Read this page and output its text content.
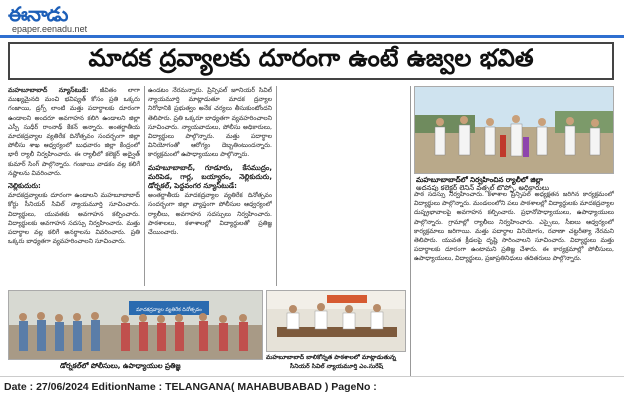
ఈనాడు
epaper.eenadu.net
మాదక ద్రవ్యాలకు దూరంగా ఉంటే ఉజ్వల భవిత
మహబూబాబాద్‌ న్యూస్‌టుడే: జీవితం లాగా ముఖ్యమైనది మంచి భవిష్యత్‌ కోసం ప్రతి ఒక్కరు గంజాయి, డ్రగ్స్‌ లాంటి మత్తు పదార్థాలకు దూరంగా ఉండాలని అందరూ అవగాహన కలిగి ఉండాలని జిల్లా ఎస్పీ సుధీర్‌ రాంనాథ్‌ కేకన్‌ అన్నారు. అంతర్జాతీయ మాదకద్రవ్యాల వ్యతిరేక దినోత్సవం సందర్భంగా జిల్లా పోలీసు శాఖ ఆధ్వర్యంలో బుధవారం జిల్లా కేంద్రంలో భారీ ర్యాలీ నిర్వహించారు. ఈ ర్యాలీలో కలెక్టర్‌ అద్వైత్‌ కుమార్‌ సింగ్‌ పాల్గొన్నారు. గంజాయి వాడకం వల్ల కలిగే నష్టాలను వివరించారు.
నెల్లికుదురు:
మాదకద్రవ్యాలకు దూరంగా ఉండాలని మహబూబాబాద్‌ కోర్టు సీనియర్‌ సివిల్‌ న్యాయమూర్తి సూచించారు. విద్యార్థులు, యువతకు అవగాహన కల్పించారు. విద్యార్థులకు అవగాహన సదస్సు నిర్వహించారు. మత్తు పదార్థాల వల్ల కలిగే అనర్థాలను వివరించారు. ప్రతి ఒక్కరు బాధ్యతగా వ్యవహరించాలని సూచించారు.
ఉండటం నేరమన్నారు. ప్రిన్సిపల్‌ జూనియర్‌ సివిల్‌ న్యాయమూర్తి మాట్లాడుతూ మాదక ద్రవ్యాల నిరోధానికి ప్రభుత్వం అనేక చర్యలు తీసుకుంటోందని తెలిపారు. ప్రతి ఒక్కరూ బాధ్యతగా వ్యవహరించాలని సూచించారు. న్యాయవాదులు, పోలీసు అధికారులు, విద్యార్థులు పాల్గొన్నారు. మత్తు పదార్థాల వినియోగంతో ఆరోగ్యం దెబ్బతింటుందన్నారు. కార్యక్రమంలో ఉపాధ్యాయులు పాల్గొన్నారు.
మహబూబాబాద్‌, గూడూరు, కేసముద్రం, మరిపెడ, గార్ల, బయ్యారం, నెల్లికుదురు, డోర్నకల్‌, పెద్దవంగర న్యూస్‌టుడే:
అంతర్జాతీయ మాదకద్రవ్యాల వ్యతిరేక దినోత్సవం సందర్భంగా జిల్లా వ్యాప్తంగా పోలీసుల ఆధ్వర్యంలో ర్యాలీలు, అవగాహన సదస్సులు నిర్వహించారు. పాఠశాలలు, కళాశాలల్లో విద్యార్థులతో ప్రతిజ్ఞ చేయించారు.
పాఠ సదస్సు నిర్వహించారు. కళాశాల ప్రిన్సిపల్‌ అధ్యక్షతన జరిగిన కార్యక్రమంలో విద్యార్థులు పాల్గొన్నారు. మండలంలోని పలు పాఠశాలల్లో విద్యార్థులకు మాదకద్రవ్యాల దుష్ప్రభావాలపై అవగాహన కల్పించారు. ప్రధానోపాధ్యాయులు, ఉపాధ్యాయులు పాల్గొన్నారు. గ్రామాల్లో ర్యాలీలు నిర్వహించారు. ఎస్సైలు, సీఐలు ఆధ్వర్యంలో కార్యక్రమాలు జరిగాయి. మత్తు పదార్థాల వినియోగం, రవాణా చట్టరీత్యా నేరమని తెలిపారు. యువత క్రీడలపై దృష్టి సారించాలని సూచించారు. విద్యార్థులు మత్తు పదార్థాలకు దూరంగా ఉంటామని ప్రతిజ్ఞ చేశారు. ఈ కార్యక్రమాల్లో పోలీసులు, ఉపాధ్యాయులు, విద్యార్థులు, ప్రజాప్రతినిధులు తదితరులు పాల్గొన్నారు.
మహబూబాబాద్‌లో నిర్వహించిన ర్యాలీలో జిల్లా
అదనపు కలెక్టర్‌ లెనిన్‌ వత్సల్‌ టొప్పో, అధికారులు
మాదకద్రవ్యాల వ్యతిరేక దినోత్సవం
డోర్నకల్‌లో పోలీసులు, ఉపాధ్యాయుల ప్రతిజ్ఞ
మహబూబాబాద్‌ బాలికోన్నత పాఠశాలలో మాట్లాడుతున్న
సీనియర్‌ సివిల్‌ న్యాయమూర్తి ఎం.సురేష్‌
Date : 27/06/2024 EditionName : TELANGANA( MAHABUBABAD ) PageNo :
